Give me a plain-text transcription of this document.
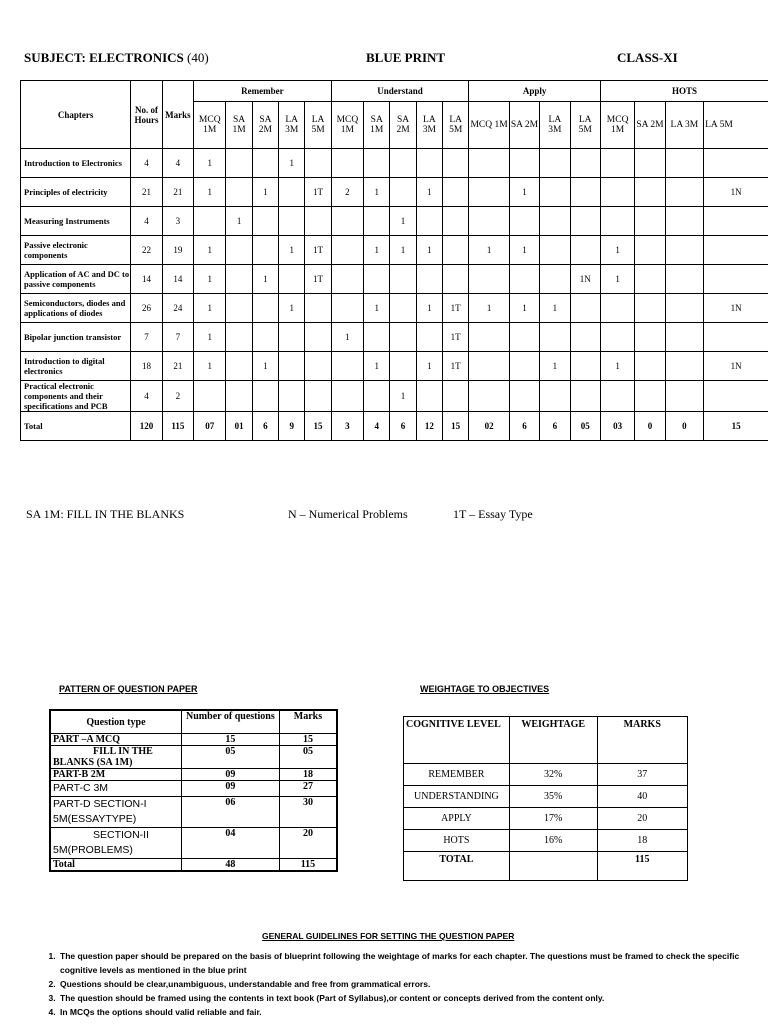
SUBJECT: ELECTRONICS (40)	BLUE PRINT	CLASS-XI
Chapters	No. of Hours	Marks	Remember					Understand					Apply				HOTS			
			MCQ 1M	SA 1M	SA 2M	LA 3M	LA 5M	MCQ 1M	SA 1M	SA 2M	LA 3M	LA 5M	MCQ 1M	SA 2M	LA 3M	LA 5M	MCQ 1M	SA 2M	LA 3M	LA 5M
Introduction to Electronics	4	4	1			1														
Principles of electricity	21	21	1		1		1T	2	1		1			1						1N
Measuring Instruments	4	3		1						1										
Passive electronic components	22	19	1			1	1T		1	1	1		1	1			1			
Application of AC and DC to passive components	14	14	1		1		1T									1N	1			
Semiconductors, diodes and applications of diodes	26	24	1			1			1		1	1T	1	1	1					1N
Bipolar junction transistor	7	7	1					1				1T								
Introduction to digital electronics	18	21	1		1				1		1	1T			1		1			1N
Practical electronic components and their specifications and PCB	4	2								1										
Total	120	115	07	01	6	9	15	3	4	6	12	15	02	6	6	05	03	0	0	15
SA 1M: FILL IN THE BLANKS	N – Numerical Problems	1T – Essay Type
PATTERN OF QUESTION PAPER
Question type	Number of questions	Marks
PART –A MCQ	15	15

FILL IN THE BLANKS (SA 1M)	05	05
PART-B 2M	09	18
PART-C 3M	09	27
PART-D SECTION-I 5M(ESSAYTYPE)	06	30
SECTION-II 5M(PROBLEMS)	04	20
Total	48	115
WEIGHTAGE TO OBJECTIVES
COGNITIVE LEVEL	WEIGHTAGE	MARKS
REMEMBER	32%	37
UNDERSTANDING	35%	40
APPLY	17%	20
HOTS	16%	18
TOTAL		115
GENERAL GUIDELINES FOR SETTING THE QUESTION PAPER
1. The question paper should be prepared on the basis of blueprint following the weightage of marks for each chapter. The questions must be framed to check the specific cognitive levels as mentioned in the blue print
2. Questions should be clear,unambiguous, understandable and free from grammatical errors.
3. The question should be framed using the contents in text book (Part of Syllabus),or content or concepts derived from the content only.
4. In MCQs the options should valid reliable and fair.
